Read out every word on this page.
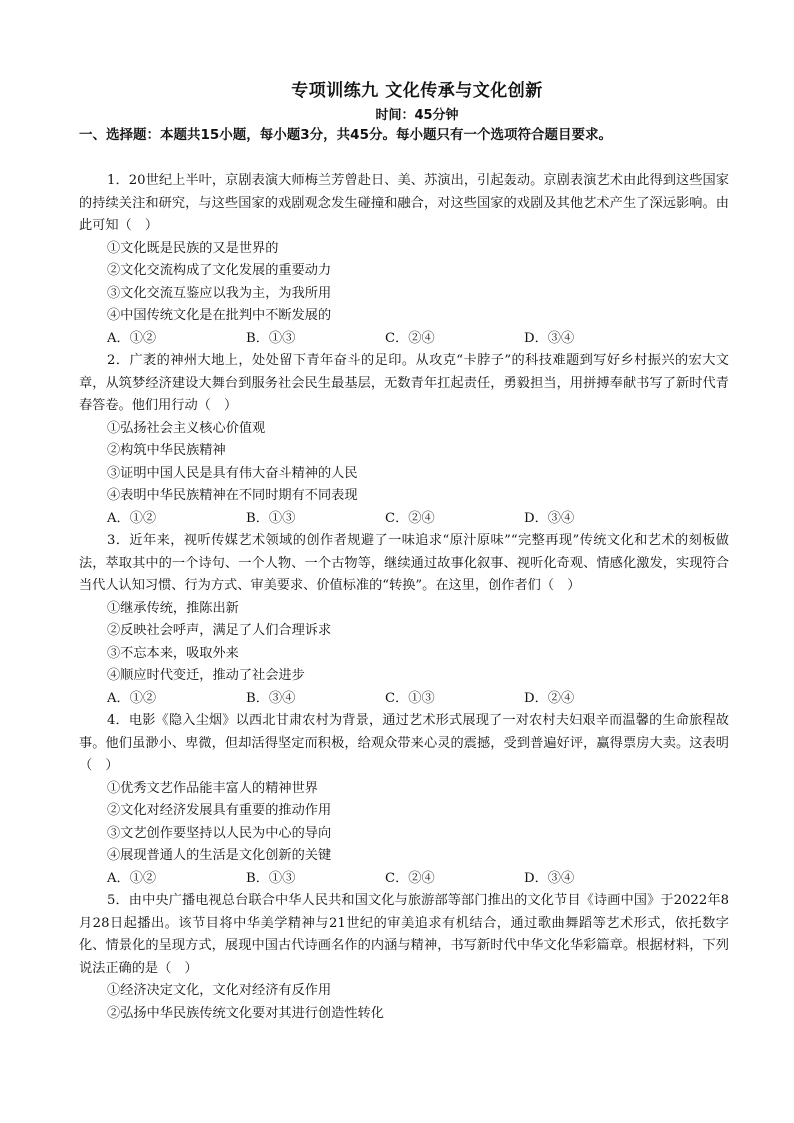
专项训练九 文化传承与文化创新
时间：45分钟
一、选择题：本题共15小题，每小题3分，共45分。每小题只有一个选项符合题目要求。

1．20世纪上半叶，京剧表演大师梅兰芳曾赴日、美、苏演出，引起轰动。京剧表演艺术由此得到这些国家的持续关注和研究，与这些国家的戏剧观念发生碰撞和融合，对这些国家的戏剧及其他艺术产生了深远影响。由此可知（　）

①文化既是民族的又是世界的

②文化交流构成了文化发展的重要动力

③文化交流互鉴应以我为主，为我所用

④中国传统文化是在批判中不断发展的

A．①②	B．①③	C．②④	D．③④

2．广袤的神州大地上，处处留下青年奋斗的足印。从攻克“卡脖子”的科技难题到写好乡村振兴的宏大文章，从筑梦经济建设大舞台到服务社会民生最基层，无数青年扛起责任，勇毅担当，用拼搏奉献书写了新时代青春答卷。他们用行动（　）

①弘扬社会主义核心价值观

②构筑中华民族精神

③证明中国人民是具有伟大奋斗精神的人民

④表明中华民族精神在不同时期有不同表现

A．①②	B．①③	C．②④	D．③④

3．近年来，视听传媒艺术领域的创作者规避了一味追求“原汁原味”“完整再现”传统文化和艺术的刻板做法，萃取其中的一个诗句、一个人物、一个古物等，继续通过故事化叙事、视听化奇观、情感化激发，实现符合当代人认知习惯、行为方式、审美要求、价值标准的“转换”。在这里，创作者们（　）

①继承传统，推陈出新

②反映社会呼声，满足了人们合理诉求

③不忘本来，吸取外来

④顺应时代变迁，推动了社会进步

A．①②	B．③④	C．①③	D．②④

4．电影《隐入尘烟》以西北甘肃农村为背景，通过艺术形式展现了一对农村夫妇艰辛而温馨的生命旅程故事。他们虽渺小、卑微，但却活得坚定而积极，给观众带来心灵的震撼，受到普遍好评，赢得票房大卖。这表明（　）

①优秀文艺作品能丰富人的精神世界

②文化对经济发展具有重要的推动作用

③文艺创作要坚持以人民为中心的导向

④展现普通人的生活是文化创新的关键

A．①②	B．①③	C．②④	D．③④

5．由中央广播电视总台联合中华人民共和国文化与旅游部等部门推出的文化节目《诗画中国》于2022年8月28日起播出。该节目将中华美学精神与21世纪的审美追求有机结合，通过歌曲舞蹈等艺术形式，依托数字化、情景化的呈现方式，展现中国古代诗画名作的内涵与精神，书写新时代中华文化华彩篇章。根据材料，下列说法正确的是（　）

①经济决定文化，文化对经济有反作用

②弘扬中华民族传统文化要对其进行创造性转化
